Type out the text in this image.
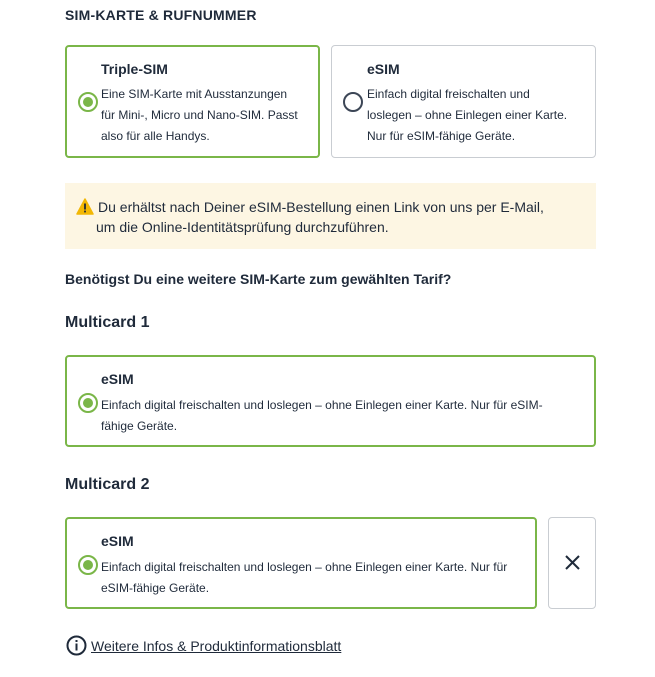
SIM-KARTE & RUFNUMMER
Triple-SIM
Eine SIM-Karte mit Ausstanzungen
für Mini-, Micro und Nano-SIM. Passt
also für alle Handys.
eSIM
Einfach digital freischalten und
loslegen – ohne Einlegen einer Karte.
Nur für eSIM-fähige Geräte.
Du erhältst nach Deiner eSIM-Bestellung einen Link von uns per E-Mail,
um die Online-Identitätsprüfung durchzuführen.
Benötigst Du eine weitere SIM-Karte zum gewählten Tarif?
Multicard 1
eSIM
Einfach digital freischalten und loslegen – ohne Einlegen einer Karte. Nur für eSIM-
fähige Geräte.
Multicard 2
eSIM
Einfach digital freischalten und loslegen – ohne Einlegen einer Karte. Nur für
eSIM-fähige Geräte.
Weitere Infos & Produktinformationsblatt
